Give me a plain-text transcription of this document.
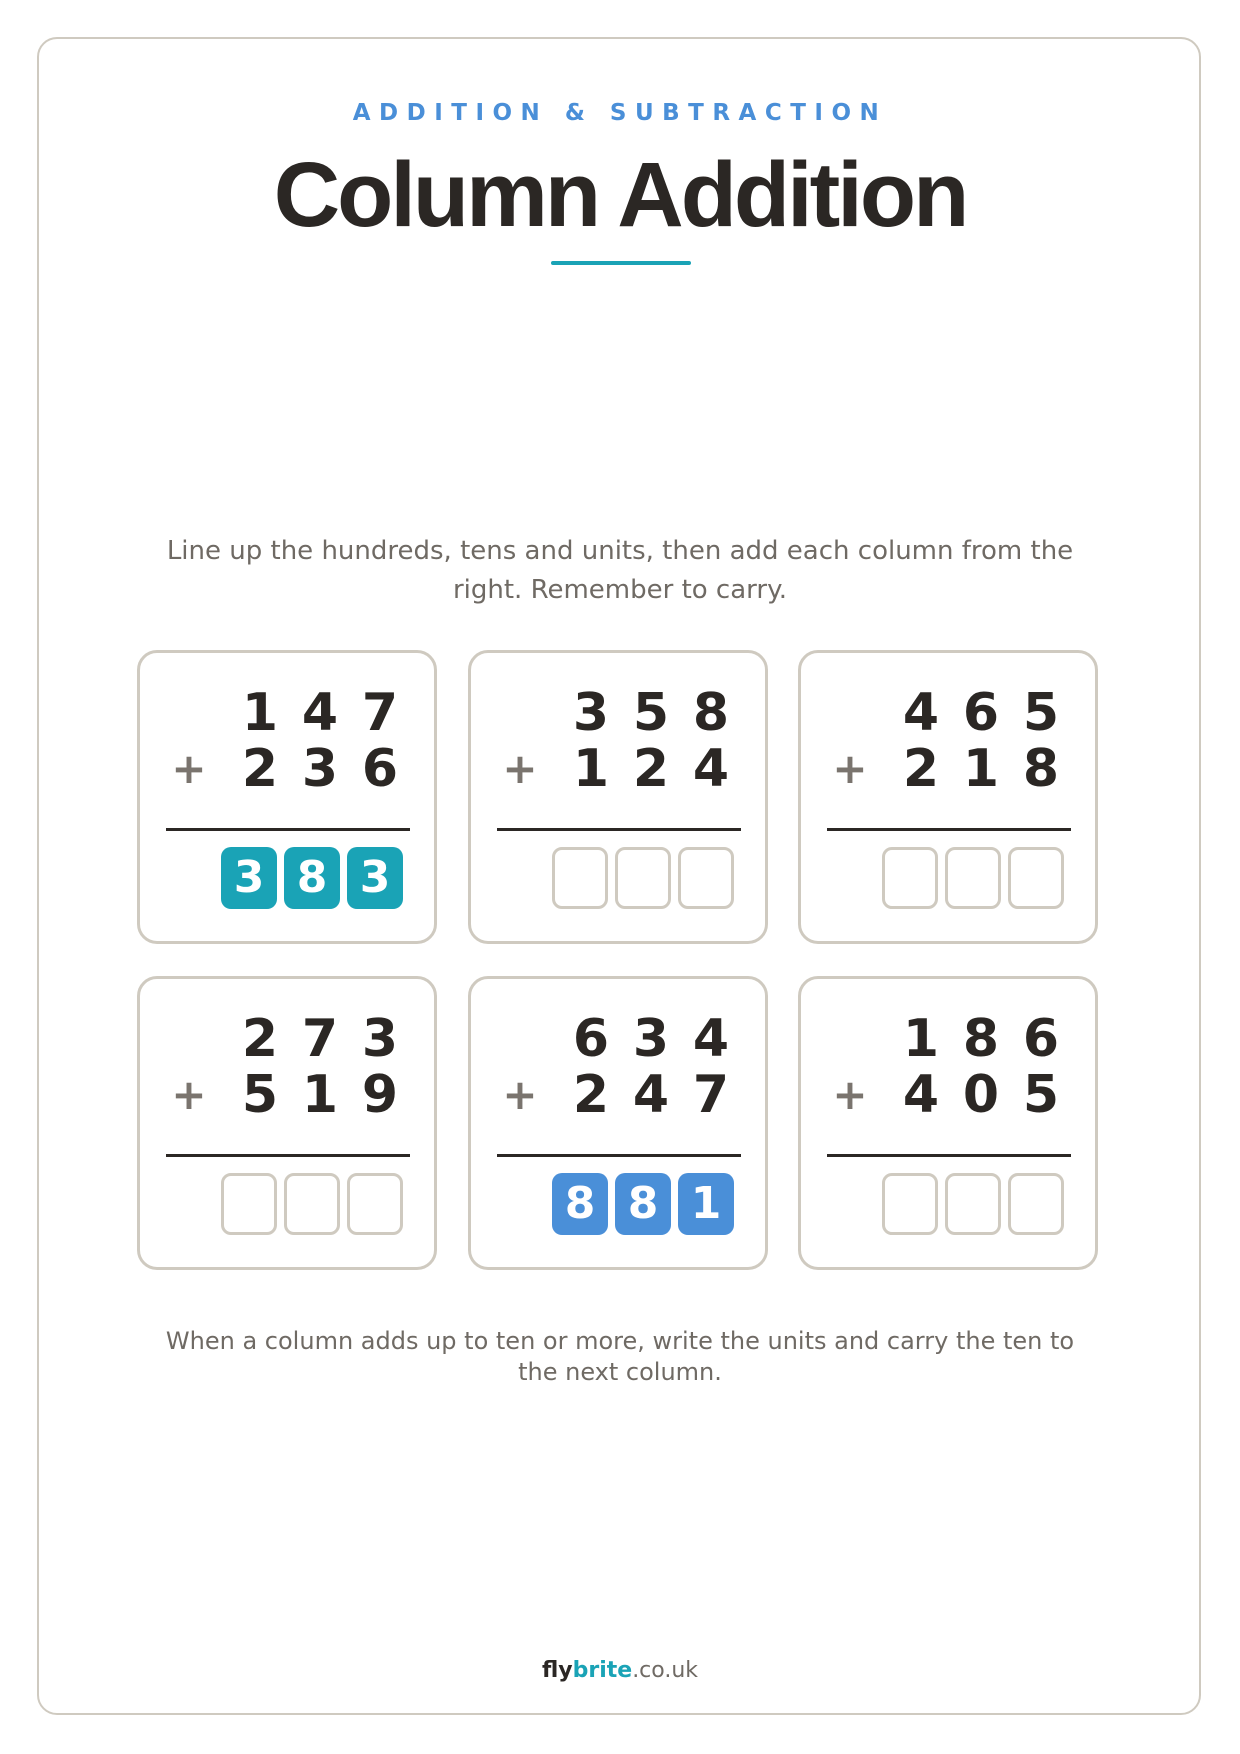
ADDITION & SUBTRACTION
Column Addition
Line up the hundreds, tens and units, then add each column from the right. Remember to carry.
1 4 7
+ 2 3 6
3 8 3
3 5 8
+ 1 2 4
4 6 5
+ 2 1 8
2 7 3
+ 5 1 9
6 3 4
+ 2 4 7
8 8 1
1 8 6
+ 4 0 5
When a column adds up to ten or more, write the units and carry the ten to the next column.
flybrite.co.uk
